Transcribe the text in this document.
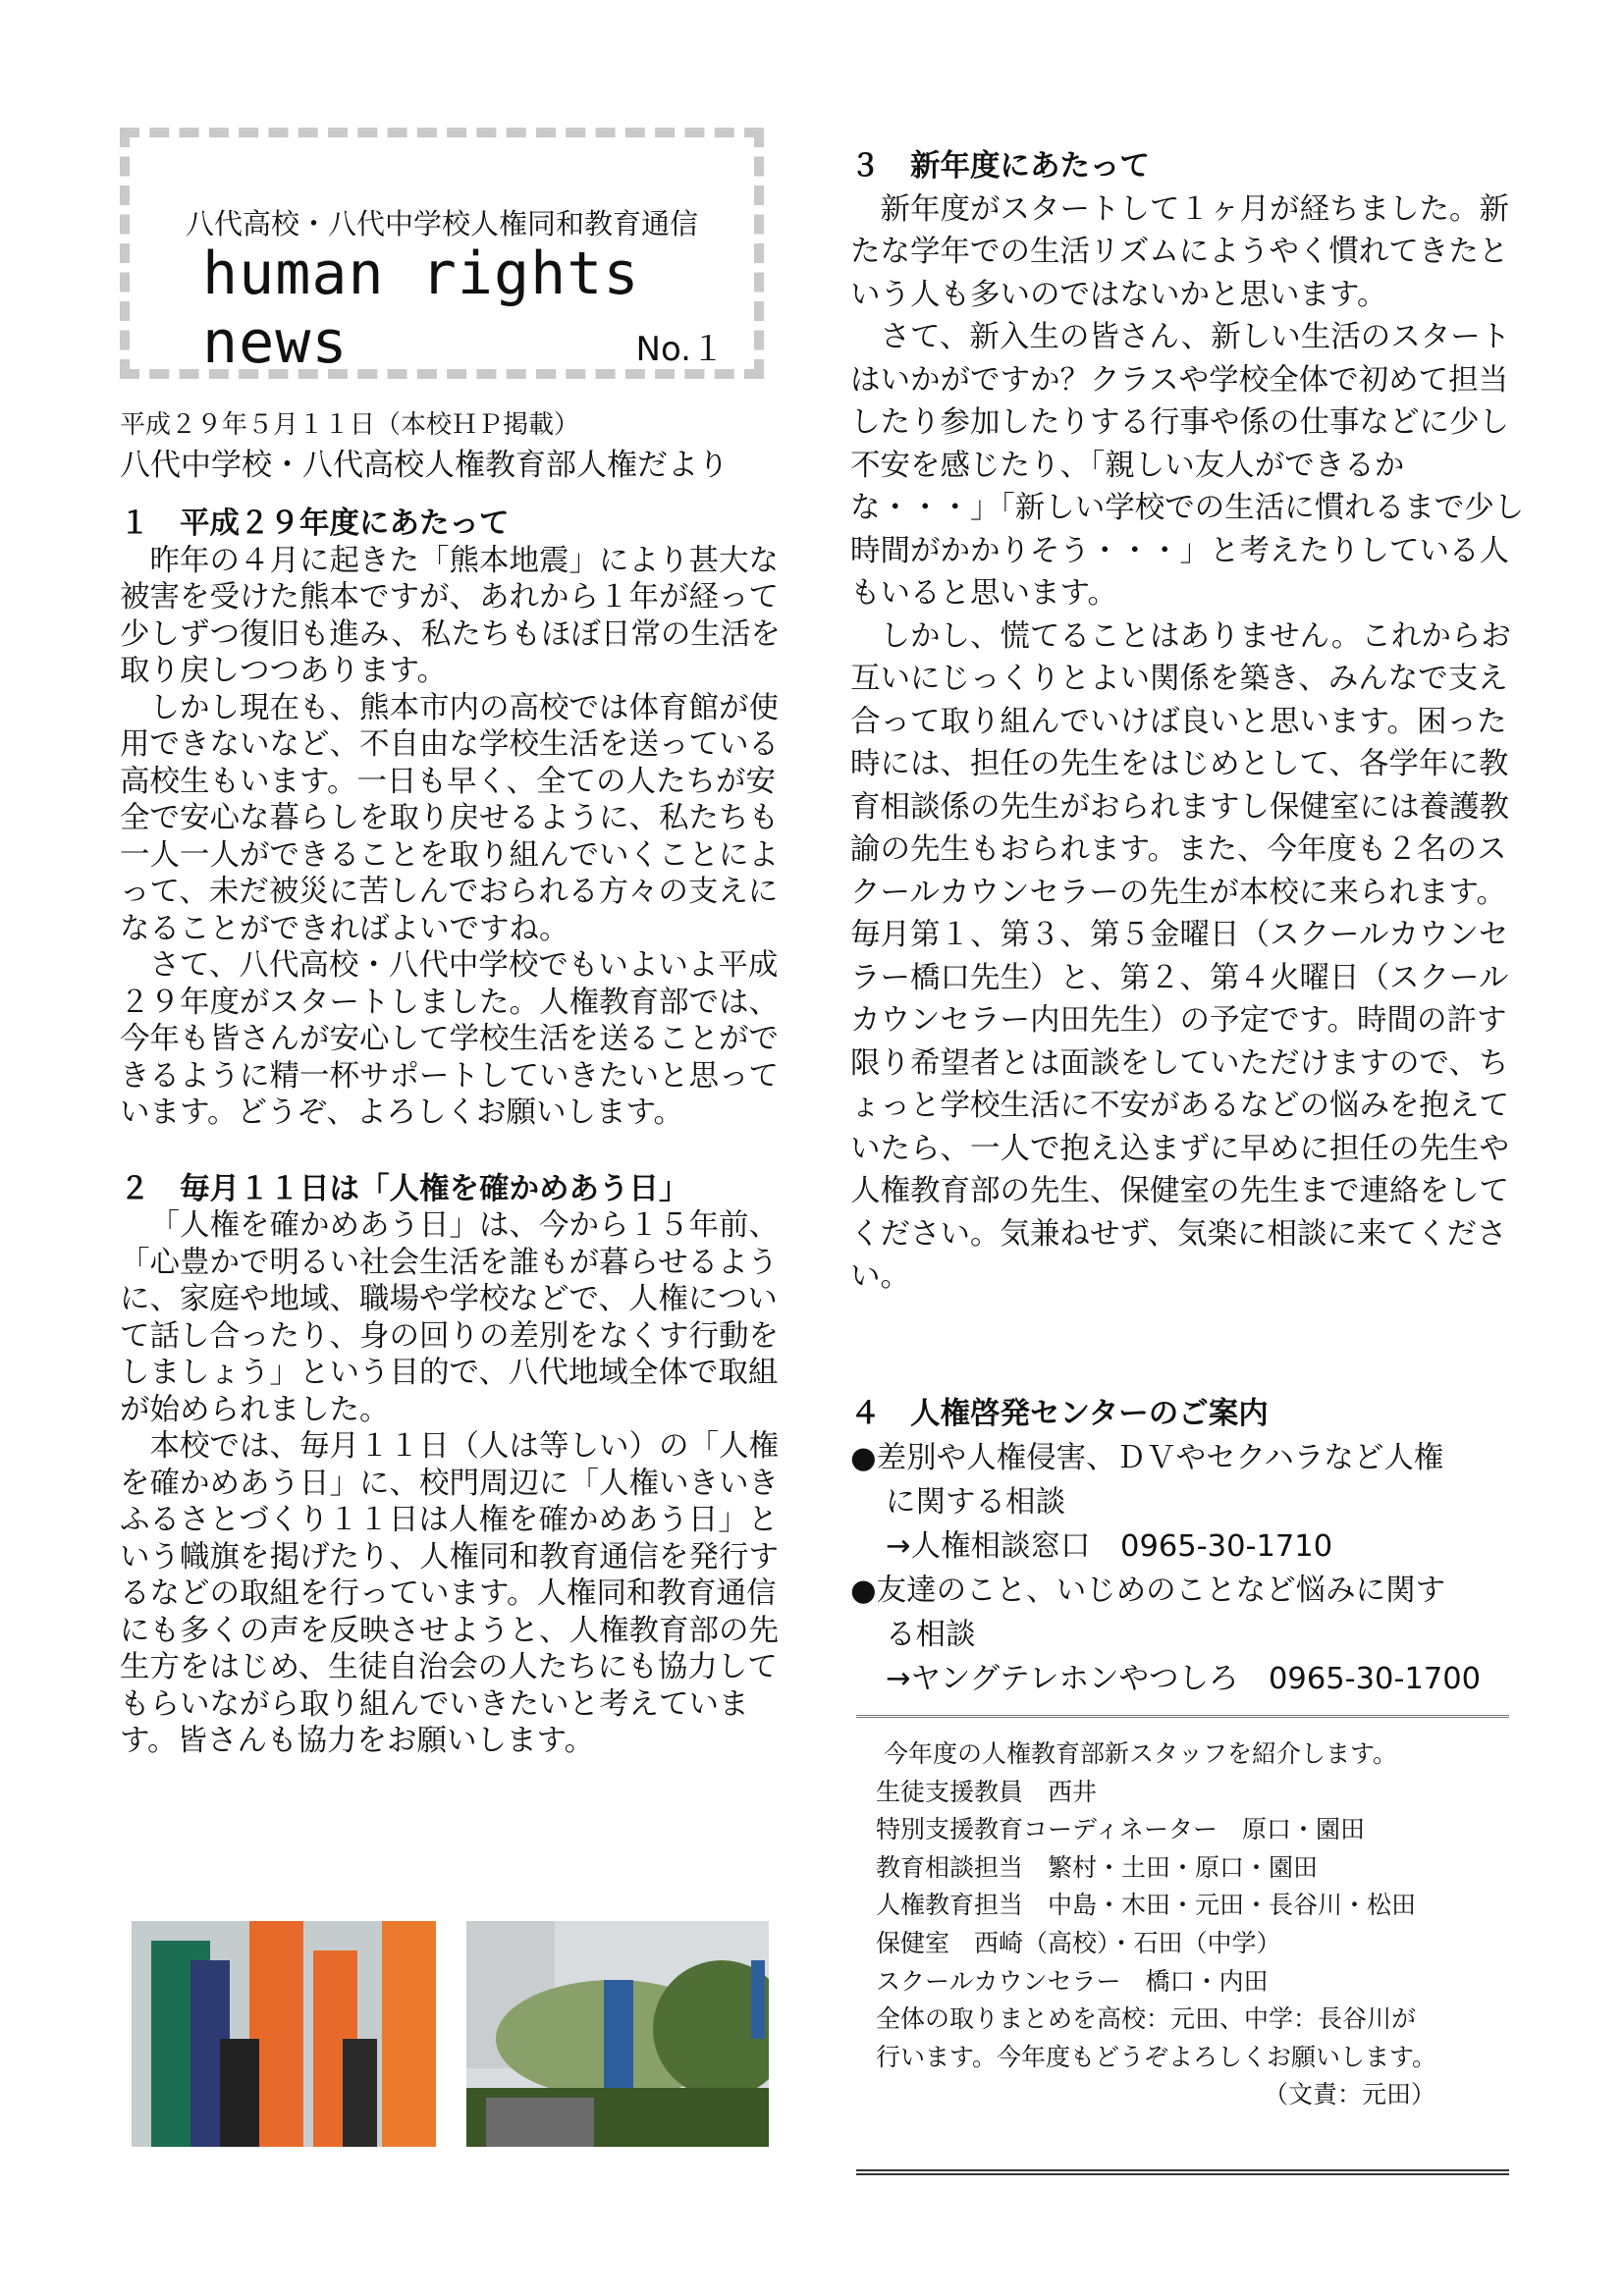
八代高校・八代中学校人権同和教育通信
human rights news	No.１
平成２９年５月１１日（本校ＨＰ掲載）
八代中学校・八代高校人権教育部人権だより
１　平成２９年度にあたって

昨年の４月に起きた「熊本地震」により甚大な被害を受けた熊本ですが、あれから１年が経って少しずつ復旧も進み、私たちもほぼ日常の生活を取り戻しつつあります。

しかし現在も、熊本市内の高校では体育館が使用できないなど、不自由な学校生活を送っている高校生もいます。一日も早く、全ての人たちが安全で安心な暮らしを取り戻せるように、私たちも一人一人ができることを取り組んでいくことによって、未だ被災に苦しんでおられる方々の支えになることができればよいですね。

さて、八代高校・八代中学校でもいよいよ平成２９年度がスタートしました。人権教育部では、今年も皆さんが安心して学校生活を送ることができるように精一杯サポートしていきたいと思っています。どうぞ、よろしくお願いします。

２　毎月１１日は「人権を確かめあう日」

「人権を確かめあう日」は、今から１５年前、「心豊かで明るい社会生活を誰もが暮らせるように、家庭や地域、職場や学校などで、人権について話し合ったり、身の回りの差別をなくす行動をしましょう」という目的で、八代地域全体で取組が始められました。

本校では、毎月１１日（人は等しい）の「人権を確かめあう日」に、校門周辺に「人権いきいきふるさとづくり１１日は人権を確かめあう日」という幟旗を掲げたり、人権同和教育通信を発行するなどの取組を行っています。人権同和教育通信にも多くの声を反映させようと、人権教育部の先生方をはじめ、生徒自治会の人たちにも協力してもらいながら取り組んでいきたいと考えています。皆さんも協力をお願いします。

３　新年度にあたって

新年度がスタートして１ヶ月が経ちました。新たな学年での生活リズムにようやく慣れてきたという人も多いのではないかと思います。

さて、新入生の皆さん、新しい生活のスタートはいかがですか？クラスや学校全体で初めて担当したり参加したりする行事や係の仕事などに少し不安を感じたり、「親しい友人ができるかな・・・」「新しい学校での生活に慣れるまで少し時間がかかりそう・・・」と考えたりしている人もいると思います。

しかし、慌てることはありません。これからお互いにじっくりとよい関係を築き、みんなで支え合って取り組んでいけば良いと思います。困った時には、担任の先生をはじめとして、各学年に教育相談係の先生がおられますし保健室には養護教諭の先生もおられます。また、今年度も２名のスクールカウンセラーの先生が本校に来られます。毎月第１、第３、第５金曜日（スクールカウンセラー橋口先生）と、第２、第４火曜日（スクールカウンセラー内田先生）の予定です。時間の許す限り希望者とは面談をしていただけますので、ちょっと学校生活に不安があるなどの悩みを抱えていたら、一人で抱え込まずに早めに担任の先生や人権教育部の先生、保健室の先生まで連絡をしてください。気兼ねせず、気楽に相談に来てください。

４　人権啓発センターのご案内
●差別や人権侵害、ＤＶやセクハラなど人権
に関する相談
→人権相談窓口　0965-30-1710
●友達のこと、いじめのことなど悩みに関す
る相談
→ヤングテレホンやつしろ　0965-30-1700
今年度の人権教育部新スタッフを紹介します。
生徒支援教員　西井
特別支援教育コーディネーター　原口・園田
教育相談担当　繁村・土田・原口・園田
人権教育担当　中島・木田・元田・長谷川・松田
保健室　西崎（高校）・石田（中学）
スクールカウンセラー　橋口・内田
全体の取りまとめを高校：元田、中学：長谷川が
行います。今年度もどうぞよろしくお願いします。
（文責：元田）
